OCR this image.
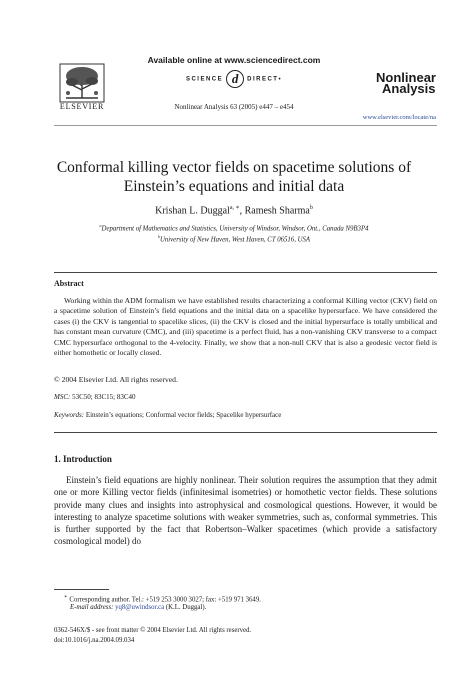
Available online at www.sciencedirect.com
SCIENCE d DIRECT•
ELSEVIER	Nonlinear Analysis 63 (2005) e447 – e454
Nonlinear
Analysis
www.elsevier.com/locate/na
Conformal killing vector fields on spacetime solutions of Einstein’s equations and initial data
Krishan L. Duggal$^{a, ∗}$, Ramesh Sharma$^b$
$^a$Department of Mathematics and Statistics, University of Windsor, Windsor, Ont., Canada N9B3P4
$^b$University of New Haven, West Haven, CT 06516, USA
Abstract
Working within the ADM formalism we have established results characterizing a conformal Killing vector (CKV) field on a spacetime solution of Einstein’s field equations and the initial data on a spacelike hypersurface. We have considered the cases (i) the CKV is tangential to spacelike slices, (ii) the CKV is closed and the initial hypersurface is totally umbilical and has constant mean curvature (CMC), and (iii) spacetime is a perfect fluid, has a non-vanishing CKV transverse to a compact CMC hypersurface orthogonal to the 4-velocity. Finally, we show that a non-null CKV that is also a geodesic vector field is either homothetic or locally closed.
© 2004 Elsevier Ltd. All rights reserved.
MSC: 53C50; 83C15; 83C40
Keywords: Einstein’s equations; Conformal vector fields; Spacelike hypersurface
1. Introduction
Einstein’s field equations are highly nonlinear. Their solution requires the assumption that they admit one or more Killing vector fields (infinitesimal isometries) or homothetic vector fields. These solutions provide many clues and insights into astrophysical and cosmological questions. However, it would be interesting to analyze spacetime solutions with weaker symmetries, such as, conformal symmetries. This is further supported by the fact that Robertson–Walker spacetimes (which provide a satisfactory cosmological model) do
∗ Corresponding author. Tel.: +519 253 3000 3027; fax: +519 971 3649.
E-mail address: yq8@uwindsor.ca (K.L. Duggal).
0362-546X/$ - see front matter © 2004 Elsevier Ltd. All rights reserved.
doi:10.1016/j.na.2004.09.034
